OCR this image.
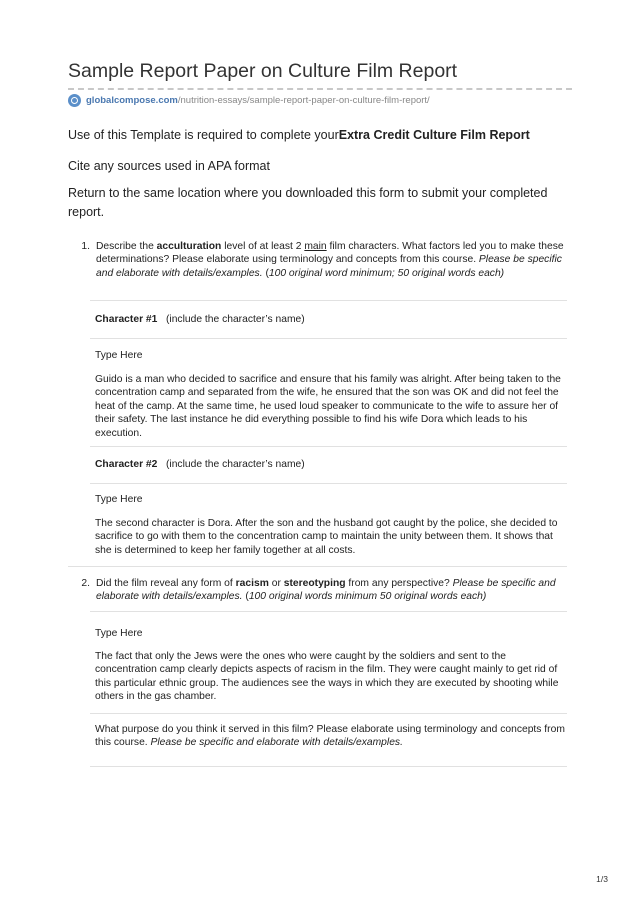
Sample Report Paper on Culture Film Report
globalcompose.com /nutrition-essays/sample-report-paper-on-culture-film-report/
Use of this Template is required to complete yourExtra Credit Culture Film Report
Cite any sources used in APA format
Return to the same location where you downloaded this form to submit your completed report.
1. Describe the acculturation level of at least 2 main film characters. What factors led you to make these determinations? Please elaborate using terminology and concepts from this course. Please be specific and elaborate with details/examples. (100 original word minimum; 50 original words each)
Character #1 (include the character’s name)
Type Here
Guido is a man who decided to sacrifice and ensure that his family was alright. After being taken to the concentration camp and separated from the wife, he ensured that the son was OK and did not feel the heat of the camp. At the same time, he used loud speaker to communicate to the wife to assure her of their safety. The last instance he did everything possible to find his wife Dora which leads to his execution.
Character #2 (include the character’s name)
Type Here
The second character is Dora. After the son and the husband got caught by the police, she decided to sacrifice to go with them to the concentration camp to maintain the unity between them. It shows that she is determined to keep her family together at all costs.
2. Did the film reveal any form of racism or stereotyping from any perspective? Please be specific and elaborate with details/examples. (100 original words minimum 50 original words each)
Type Here
The fact that only the Jews were the ones who were caught by the soldiers and sent to the concentration camp clearly depicts aspects of racism in the film. They were caught mainly to get rid of this particular ethnic group. The audiences see the ways in which they are executed by shooting while others in the gas chamber.
What purpose do you think it served in this film? Please elaborate using terminology and concepts from this course. Please be specific and elaborate with details/examples.
1/3
